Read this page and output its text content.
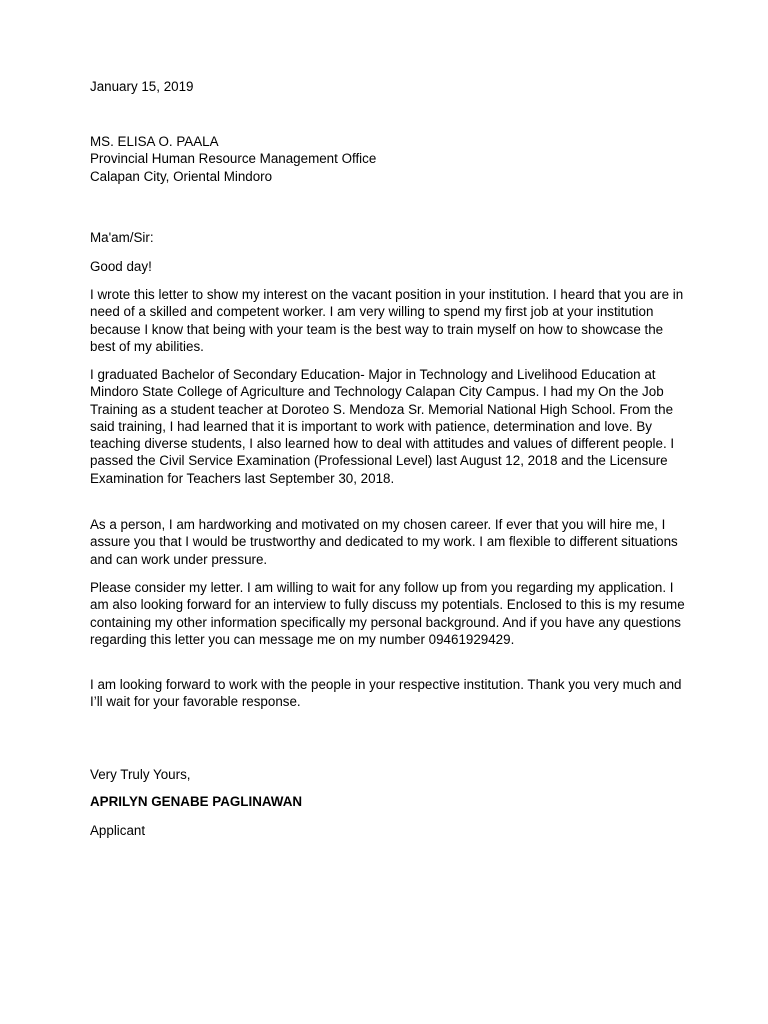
January 15, 2019
MS. ELISA O. PAALA
Provincial Human Resource Management Office
Calapan City, Oriental Mindoro
Ma'am/Sir:
Good day!

I wrote this letter to show my interest on the vacant position in your institution. I heard that you are in need of a skilled and competent worker. I am very willing to spend my first job at your institution because I know that being with your team is the best way to train myself on how to showcase the best of my abilities.

I graduated Bachelor of Secondary Education- Major in Technology and Livelihood Education at Mindoro State College of Agriculture and Technology Calapan City Campus. I had my On the Job Training as a student teacher at Doroteo S. Mendoza Sr. Memorial National High School. From the said training, I had learned that it is important to work with patience, determination and love. By teaching diverse students, I also learned how to deal with attitudes and values of different people. I passed the Civil Service Examination (Professional Level) last August 12, 2018 and the Licensure Examination for Teachers last September 30, 2018.

As a person, I am hardworking and motivated on my chosen career. If ever that you will hire me, I assure you that I would be trustworthy and dedicated to my work. I am flexible to different situations and can work under pressure.

Please consider my letter. I am willing to wait for any follow up from you regarding my application. I am also looking forward for an interview to fully discuss my potentials. Enclosed to this is my resume containing my other information specifically my personal background. And if you have any questions regarding this letter you can message me on my number 09461929429.

I am looking forward to work with the people in your respective institution. Thank you very much and I’ll wait for your favorable response.

Very Truly Yours,
APRILYN GENABE PAGLINAWAN
Applicant
